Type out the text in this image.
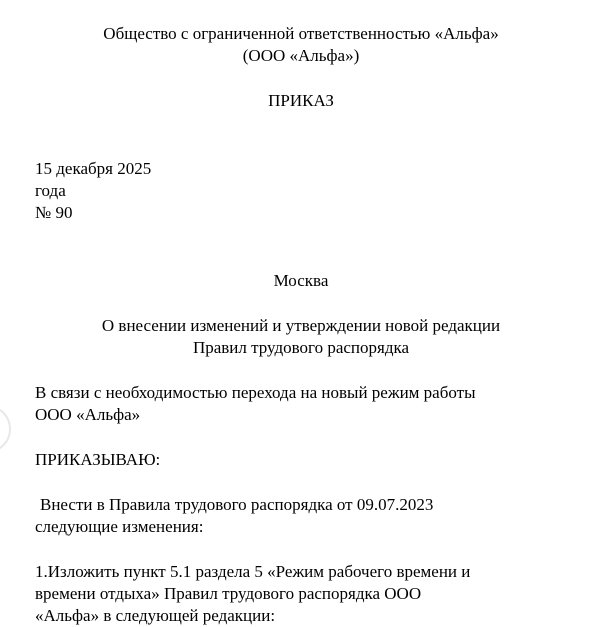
Общество с ограниченной ответственностью «Альфа»
(ООО «Альфа»)
ПРИКАЗ
15 декабря 2025
года
№ 90
Москва
О внесении изменений и утверждении новой редакции
Правил трудового распорядка
В связи с необходимостью перехода на новый режим работы
ООО «Альфа»
ПРИКАЗЫВАЮ:
Внести в Правила трудового распорядка от 09.07.2023
следующие изменения:
1.Изложить пункт 5.1 раздела 5 «Режим рабочего времени и
времени отдыха» Правил трудового распорядка ООО
«Альфа» в следующей редакции:
